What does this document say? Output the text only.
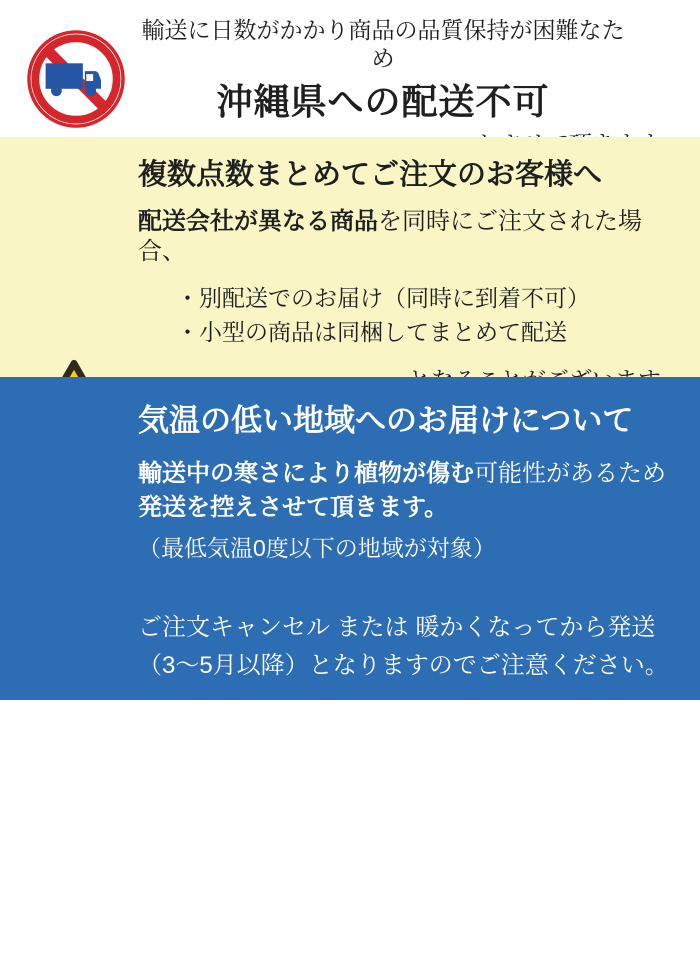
輸送に日数がかかり商品の品質保持が困難なため
沖縄県への配送不可
複数点数まとめてご注文のお客様へ
配送会社が異なる商品を同時にご注文された場合、
・別配送でのお届け（同時に到着不可）
・小型の商品は同梱してまとめて配送
気温の低い地域へのお届けについて
輸送中の寒さにより植物が傷む可能性があるため
発送を控えさせて頂きます。
（最低気温0度以下の地域が対象）
ご注文キャンセル または 暖かくなってから発送
（3～5月以降）となりますのでご注意ください。
